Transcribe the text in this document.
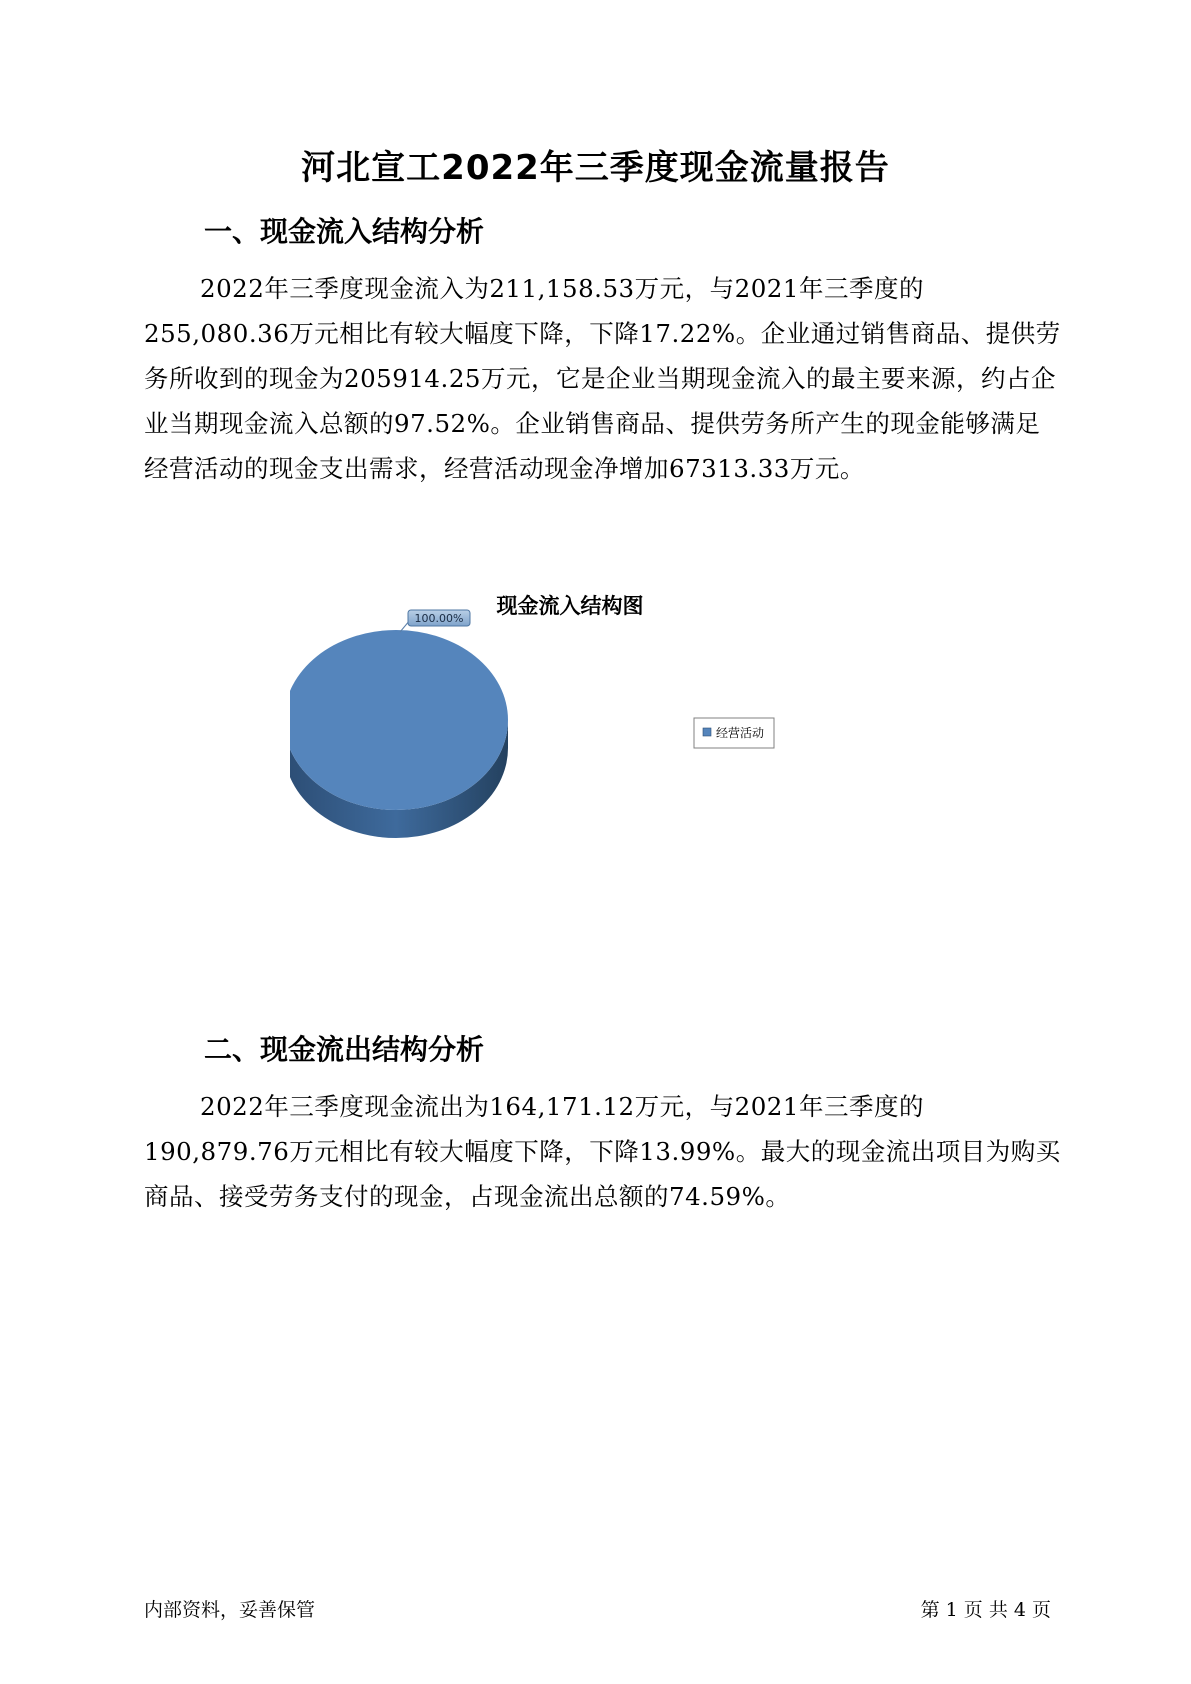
河北宣工2022年三季度现金流量报告
一、现金流入结构分析
2022年三季度现金流入为211,158.53万元，与2021年三季度的255,080.36万元相比有较大幅度下降，下降17.22%。企业通过销售商品、提供劳务所收到的现金为205914.25万元，它是企业当期现金流入的最主要来源，约占企业当期现金流入总额的97.52%。企业销售商品、提供劳务所产生的现金能够满足经营活动的现金支出需求，经营活动现金净增加67313.33万元。
现金流入结构图
100.00%
经营活动
二、现金流出结构分析
2022年三季度现金流出为164,171.12万元，与2021年三季度的190,879.76万元相比有较大幅度下降，下降13.99%。最大的现金流出项目为购买商品、接受劳务支付的现金，占现金流出总额的74.59%。
内部资料，妥善保管	第 1 页 共 4 页
